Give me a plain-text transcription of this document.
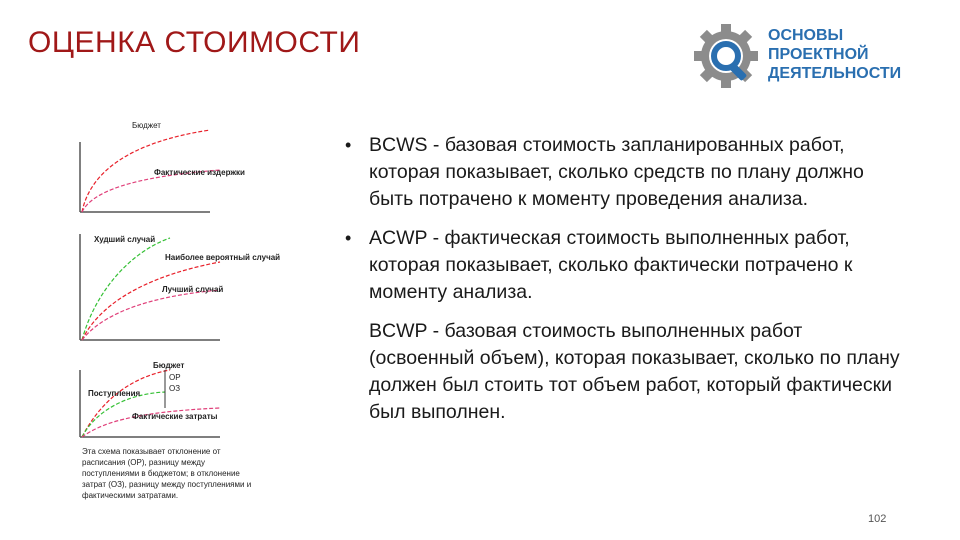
ОЦЕНКА СТОИМОСТИ	ОСНОВЫ
ПРОЕКТНОЙ
ДЕЯТЕЛЬНОСТИ
Бюджет
Фактические издержки
Худший случай
Наиболее вероятный случай
Лучший случай
Бюджет
ОР
ОЗ
Поступления
Фактические затраты
Эта схема показывает отклонение от
расписания (ОР), разницу между
поступлениями в бюджетом; в отклонение
затрат (ОЗ), разницу между поступлениями и
фактическими затратами.
• BCWS - базовая стоимость запланированных работ, которая показывает, сколько средств по плану должно быть потрачено к моменту проведения анализа.
• ACWP - фактическая стоимость выполненных работ, которая показывает, сколько фактически потрачено к моменту анализа.
BCWP - базовая стоимость выполненных работ (освоенный объем), которая показывает, сколько по плану должен был стоить тот объем работ, который фактически был выполнен.
102
